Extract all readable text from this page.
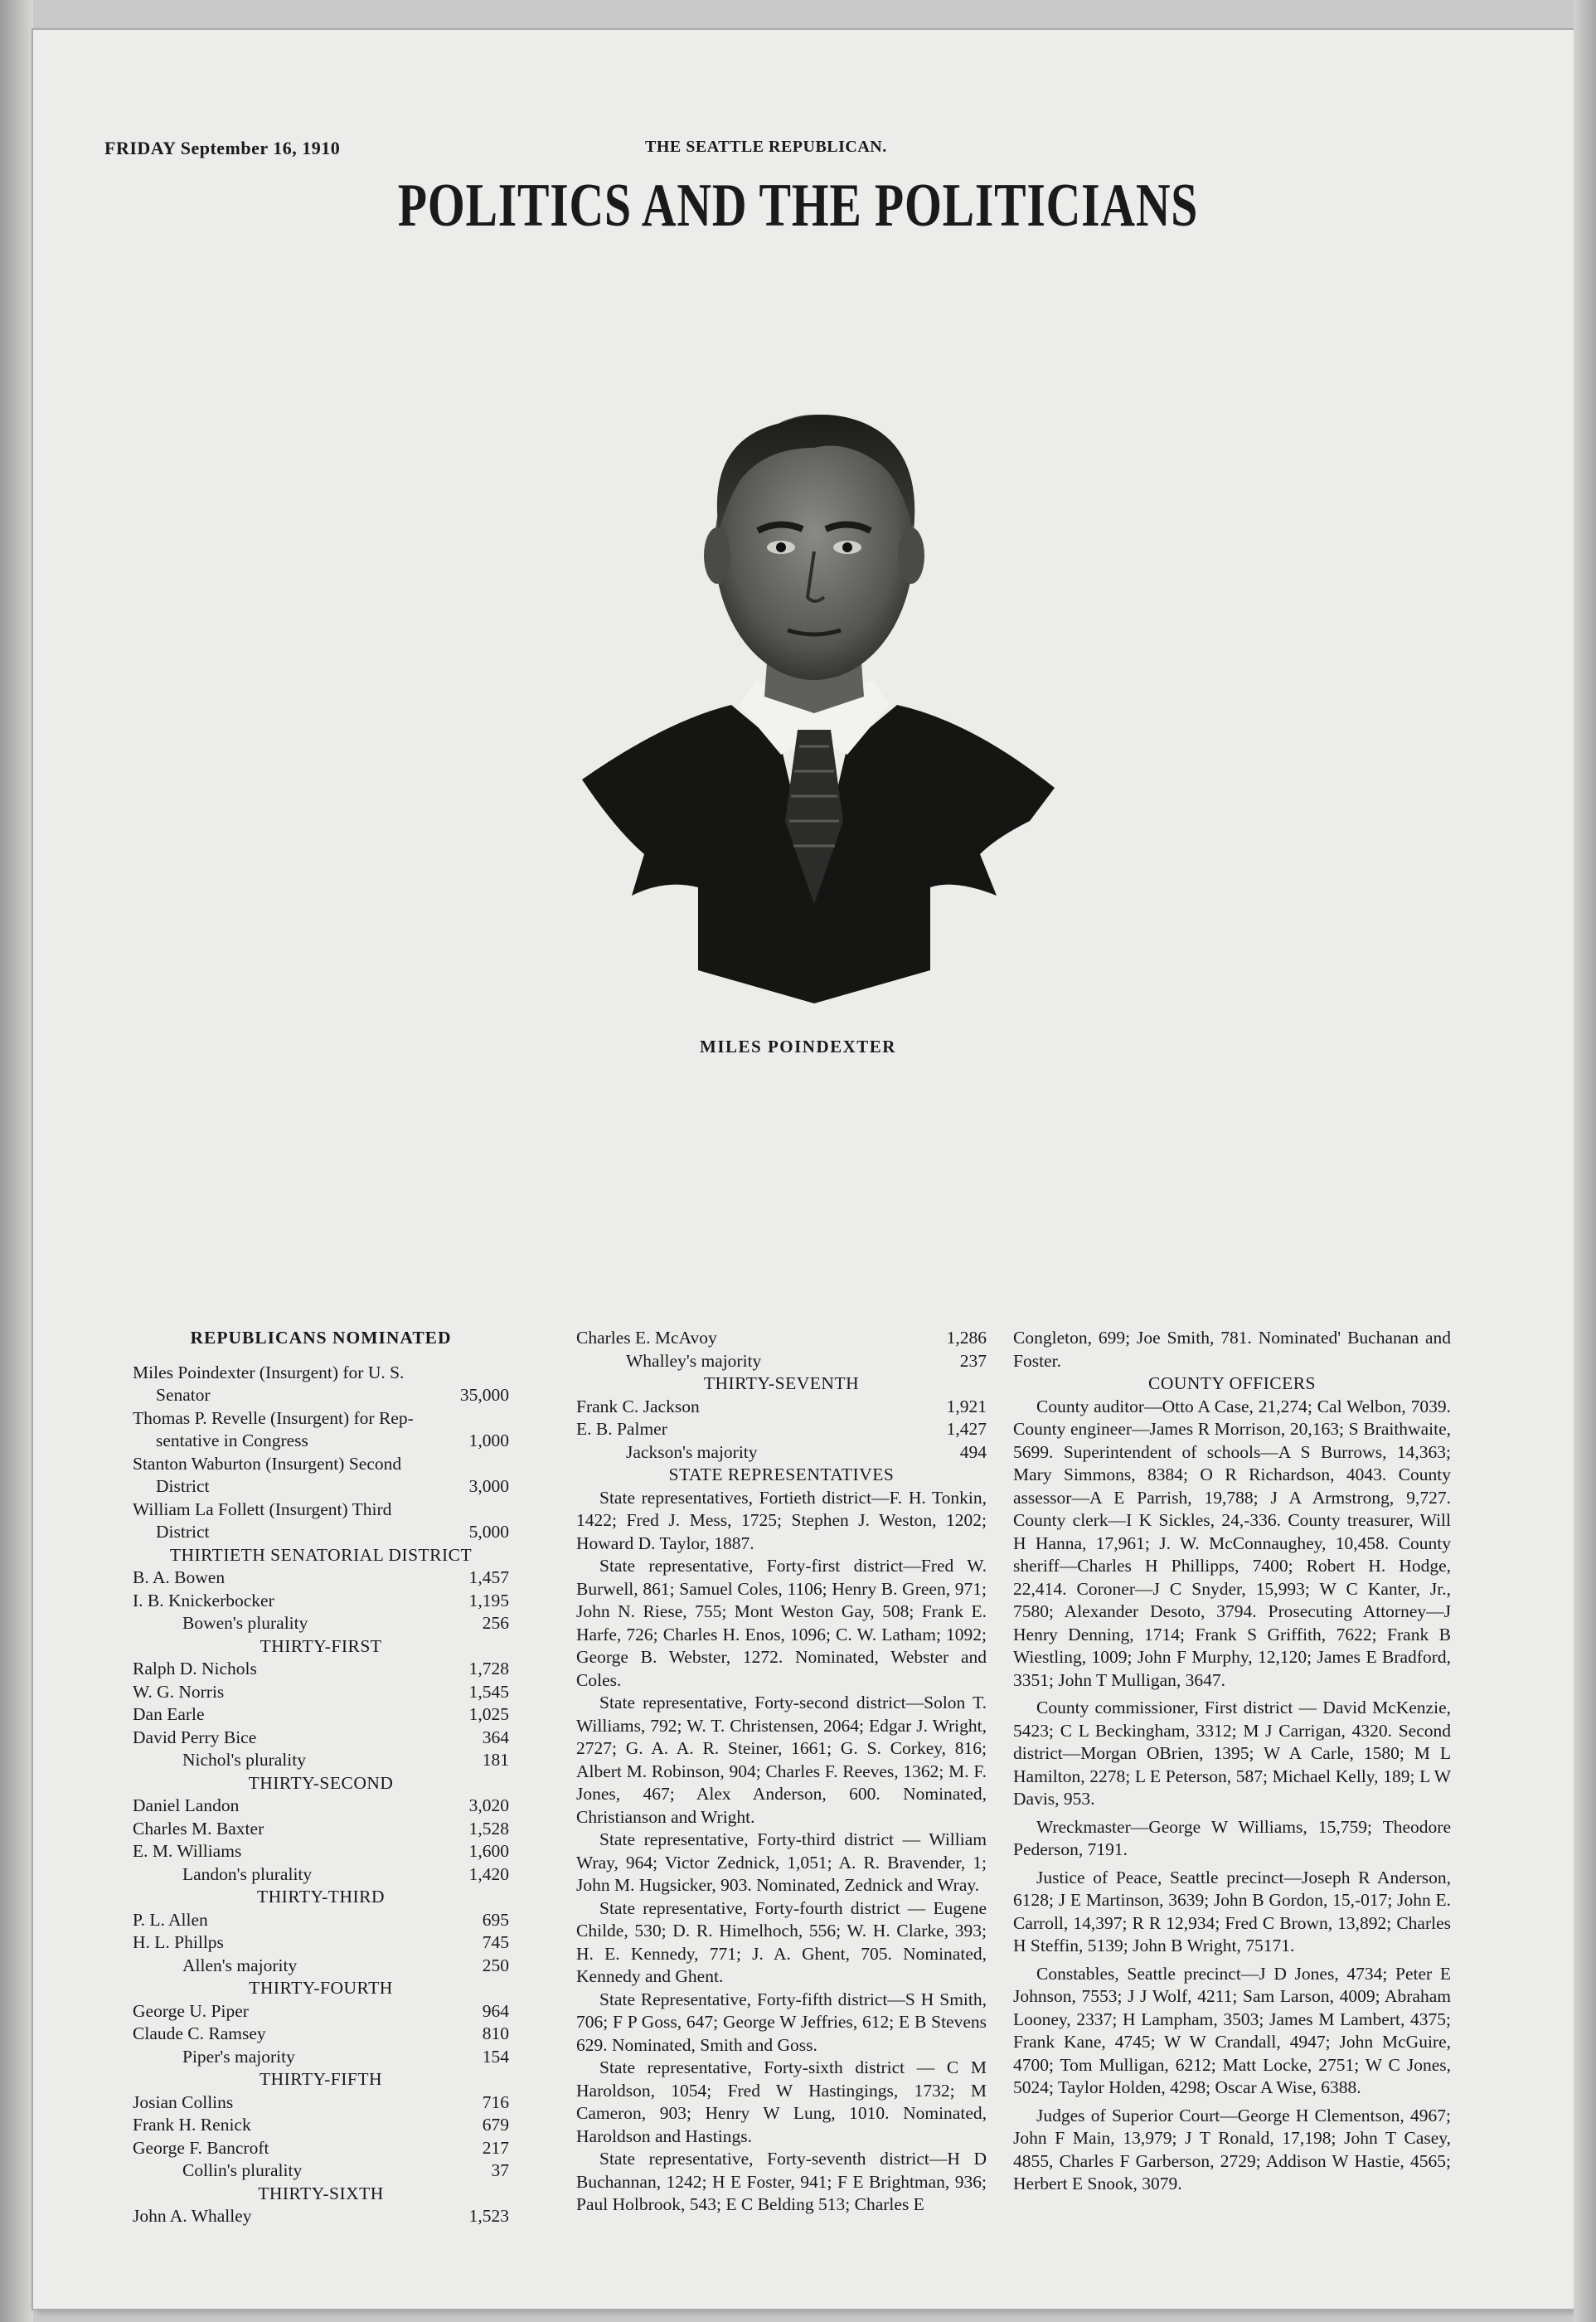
FRIDAY September 16, 1910	THE SEATTLE REPUBLICAN.
POLITICS AND THE POLITICIANS
MILES POINDEXTER
REPUBLICANS NOMINATED
Miles Poindexter (Insurgent) for U. S.
Senator	35,000
Thomas P. Revelle (Insurgent) for Rep-
sentative in Congress	1,000
Stanton Waburton (Insurgent) Second
District	3,000
William La Follett (Insurgent) Third
District	5,000
THIRTIETH SENATORIAL DISTRICT
B. A. Bowen	1,457
I. B. Knickerbocker	1,195
Bowen's plurality	256
THIRTY-FIRST
Ralph D. Nichols	1,728
W. G. Norris	1,545
Dan Earle	1,025
David Perry Bice	364
Nichol's plurality	181
THIRTY-SECOND
Daniel Landon	3,020
Charles M. Baxter	1,528
E. M. Williams	1,600
Landon's plurality	1,420
THIRTY-THIRD
P. L. Allen	695
H. L. Phillps	745
Allen's majority	250
THIRTY-FOURTH
George U. Piper	964
Claude C. Ramsey	810
Piper's majority	154
THIRTY-FIFTH
Josian Collins	716
Frank H. Renick	679
George F. Bancroft	217
Collin's plurality	37
THIRTY-SIXTH
John A. Whalley	1,523
Charles E. McAvoy	1,286
Whalley's majority	237
THIRTY-SEVENTH
Frank C. Jackson	1,921
E. B. Palmer	1,427
Jackson's majority	494
STATE REPRESENTATIVES

State representatives, Fortieth district—F. H. Tonkin, 1422; Fred J. Mess, 1725; Stephen J. Weston, 1202; Howard D. Taylor, 1887.

State representative, Forty-first district—Fred W. Burwell, 861; Samuel Coles, 1106; Henry B. Green, 971; John N. Riese, 755; Mont Weston Gay, 508; Frank E. Harfe, 726; Charles H. Enos, 1096; C. W. Latham; 1092; George B. Webster, 1272. Nominated, Webster and Coles.

State representative, Forty-second district—Solon T. Williams, 792; W. T. Christensen, 2064; Edgar J. Wright, 2727; G. A. A. R. Steiner, 1661; G. S. Corkey, 816; Albert M. Robinson, 904; Charles F. Reeves, 1362; M. F. Jones, 467; Alex Anderson, 600. Nominated, Christianson and Wright.

State representative, Forty-third district — William Wray, 964; Victor Zednick, 1,051; A. R. Bravender, 1; John M. Hugsicker, 903. Nominated, Zednick and Wray.

State representative, Forty-fourth district — Eugene Childe, 530; D. R. Himelhoch, 556; W. H. Clarke, 393; H. E. Kennedy, 771; J. A. Ghent, 705. Nominated, Kennedy and Ghent.

State Representative, Forty-fifth district—S H Smith, 706; F P Goss, 647; George W Jeffries, 612; E B Stevens 629. Nominated, Smith and Goss.

State representative, Forty-sixth district — C M Haroldson, 1054; Fred W Hastingings, 1732; M Cameron, 903; Henry W Lung, 1010. Nominated, Haroldson and Hastings.

State representative, Forty-seventh district—H D Buchannan, 1242; H E Foster, 941; F E Brightman, 936; Paul Holbrook, 543; E C Belding 513; Charles E

Congleton, 699; Joe Smith, 781. Nominated' Buchanan and Foster.

COUNTY OFFICERS

County auditor—Otto A Case, 21,274; Cal Welbon, 7039. County engineer—James R Morrison, 20,163; S Braithwaite, 5699. Superintendent of schools—A S Burrows, 14,363; Mary Simmons, 8384; O R Richardson, 4043. County assessor—A E Parrish, 19,788; J A Armstrong, 9,727. County clerk—I K Sickles, 24,-336. County treasurer, Will H Hanna, 17,961; J. W. McConnaughey, 10,458. County sheriff—Charles H Phillipps, 7400; Robert H. Hodge, 22,414. Coroner—J C Snyder, 15,993; W C Kanter, Jr., 7580; Alexander Desoto, 3794. Prosecuting Attorney—J Henry Denning, 1714; Frank S Griffith, 7622; Frank B Wiestling, 1009; John F Murphy, 12,120; James E Bradford, 3351; John T Mulligan, 3647.

County commissioner, First district — David McKenzie, 5423; C L Beckingham, 3312; M J Carrigan, 4320. Second district—Morgan OBrien, 1395; W A Carle, 1580; M L Hamilton, 2278; L E Peterson, 587; Michael Kelly, 189; L W Davis, 953.

Wreckmaster—George W Williams, 15,759; Theodore Pederson, 7191.

Justice of Peace, Seattle precinct—Joseph R Anderson, 6128; J E Martinson, 3639; John B Gordon, 15,-017; John E. Carroll, 14,397; R R 12,934; Fred C Brown, 13,892; Charles H Steffin, 5139; John B Wright, 75171.

Constables, Seattle precinct—J D Jones, 4734; Peter E Johnson, 7553; J J Wolf, 4211; Sam Larson, 4009; Abraham Looney, 2337; H Lampham, 3503; James M Lambert, 4375; Frank Kane, 4745; W W Crandall, 4947; John McGuire, 4700; Tom Mulligan, 6212; Matt Locke, 2751; W C Jones, 5024; Taylor Holden, 4298; Oscar A Wise, 6388.

Judges of Superior Court—George H Clementson, 4967; John F Main, 13,979; J T Ronald, 17,198; John T Casey, 4855, Charles F Garberson, 2729; Addison W Hastie, 4565; Herbert E Snook, 3079.
